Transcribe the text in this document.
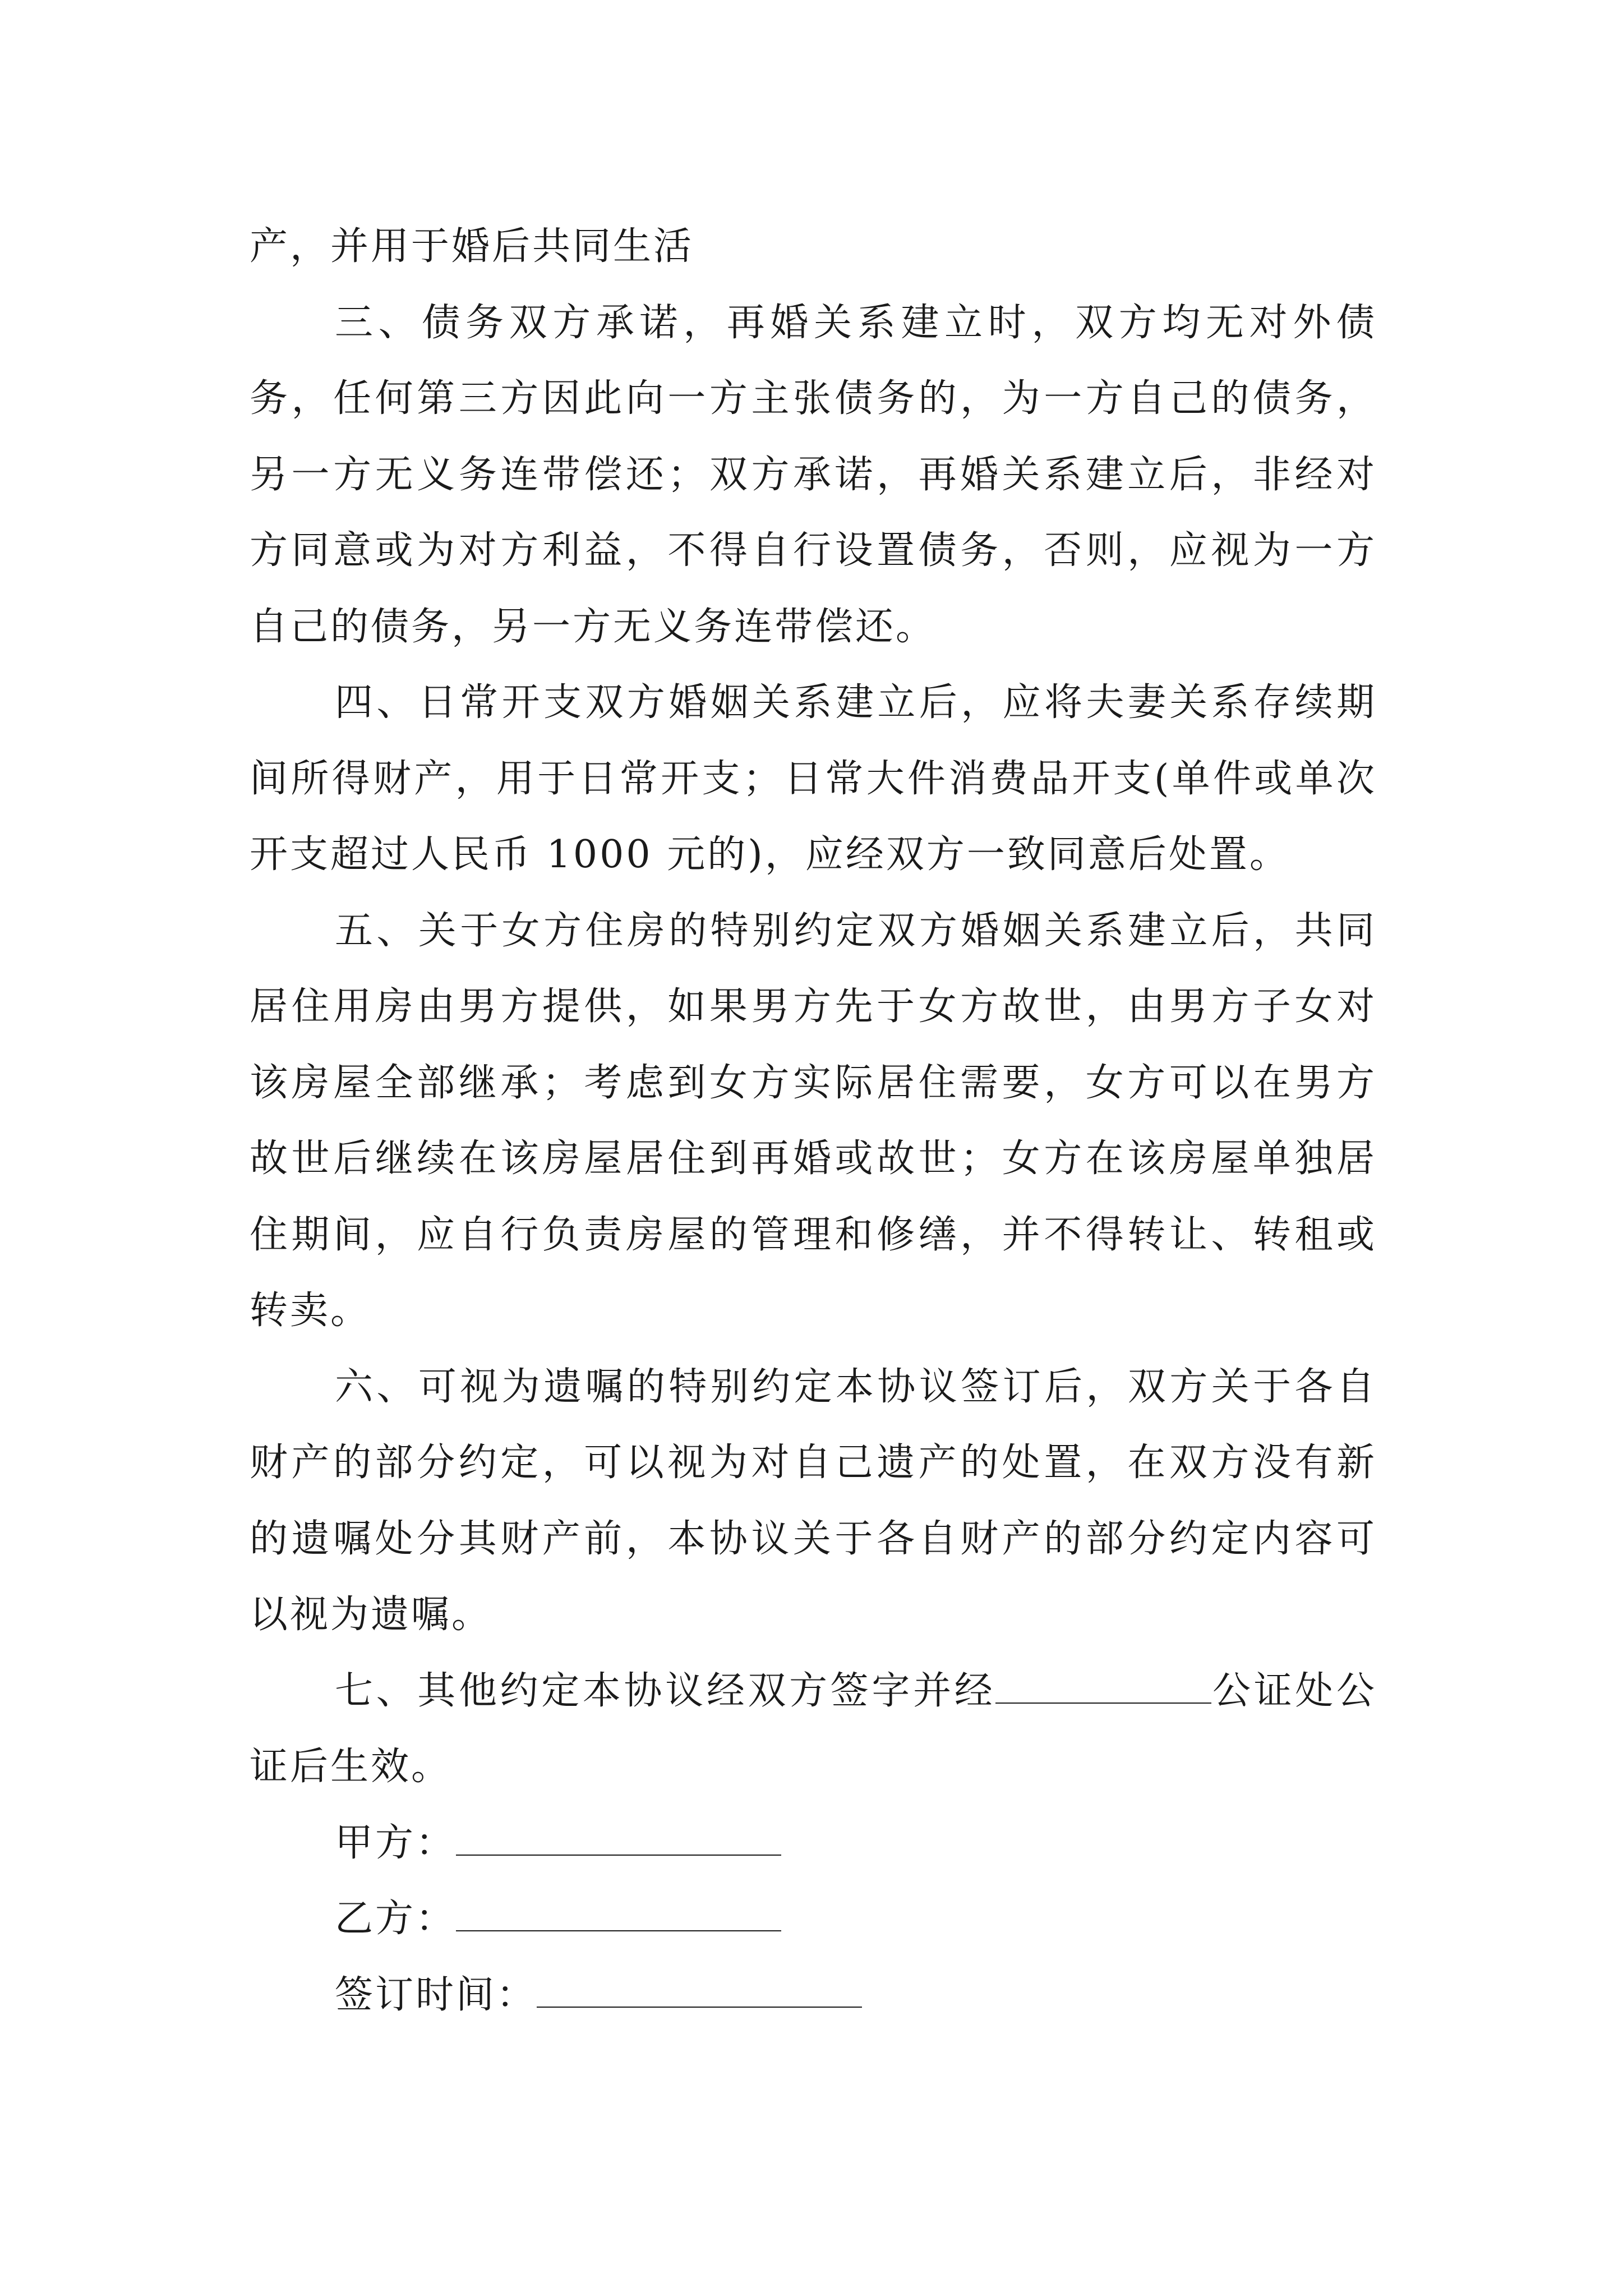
产，并用于婚后共同生活

三、债务双方承诺，再婚关系建立时，双方均无对外债务，任何第三方因此向一方主张债务的，为一方自己的债务，另一方无义务连带偿还；双方承诺，再婚关系建立后，非经对方同意或为对方利益，不得自行设置债务，否则，应视为一方自己的债务，另一方无义务连带偿还。

四、日常开支双方婚姻关系建立后，应将夫妻关系存续期间所得财产，用于日常开支；日常大件消费品开支(单件或单次开支超过人民币 1000 元的)，应经双方一致同意后处置。

五、关于女方住房的特别约定双方婚姻关系建立后，共同居住用房由男方提供，如果男方先于女方故世，由男方子女对该房屋全部继承；考虑到女方实际居住需要，女方可以在男方故世后继续在该房屋居住到再婚或故世；女方在该房屋单独居住期间，应自行负责房屋的管理和修缮，并不得转让、转租或转卖。

六、可视为遗嘱的特别约定本协议签订后，双方关于各自财产的部分约定，可以视为对自己遗产的处置，在双方没有新的遗嘱处分其财产前，本协议关于各自财产的部分约定内容可以视为遗嘱。

七、其他约定本协议经双方签字并经	公证处公证后生效。

甲方：

乙方：

签订时间：
